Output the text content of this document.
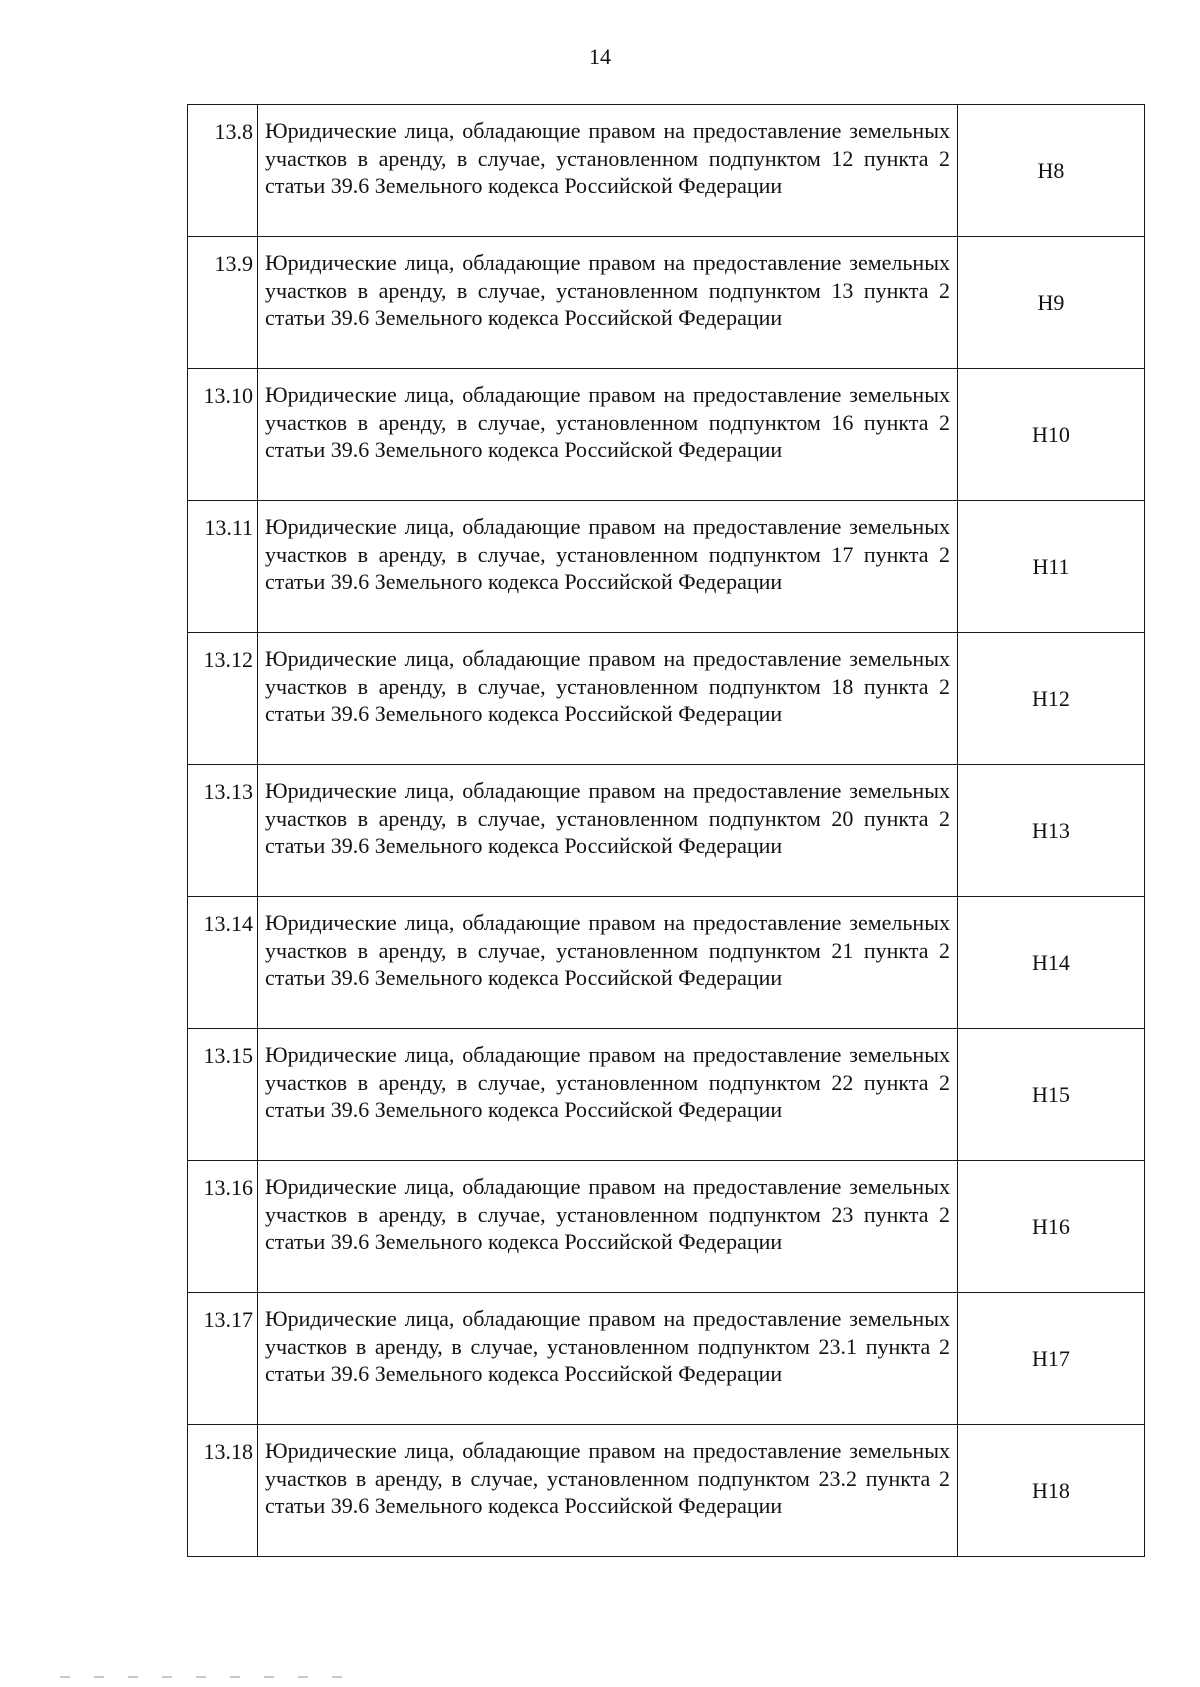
14
13.8	Юридические лица, обладающие правом на предоставление земельных участков в аренду, в случае, установленном подпунктом 12 пункта 2 статьи 39.6 Земельного кодекса Российской Федерации	Н8
13.9	Юридические лица, обладающие правом на предоставление земельных участков в аренду, в случае, установленном подпунктом 13 пункта 2 статьи 39.6 Земельного кодекса Российской Федерации	Н9
13.10	Юридические лица, обладающие правом на предоставление земельных участков в аренду, в случае, установленном подпунктом 16 пункта 2 статьи 39.6 Земельного кодекса Российской Федерации	Н10
13.11	Юридические лица, обладающие правом на предоставление земельных участков в аренду, в случае, установленном подпунктом 17 пункта 2 статьи 39.6 Земельного кодекса Российской Федерации	Н11
13.12	Юридические лица, обладающие правом на предоставление земельных участков в аренду, в случае, установленном подпунктом 18 пункта 2 статьи 39.6 Земельного кодекса Российской Федерации	Н12
13.13	Юридические лица, обладающие правом на предоставление земельных участков в аренду, в случае, установленном подпунктом 20 пункта 2 статьи 39.6 Земельного кодекса Российской Федерации	Н13
13.14	Юридические лица, обладающие правом на предоставление земельных участков в аренду, в случае, установленном подпунктом 21 пункта 2 статьи 39.6 Земельного кодекса Российской Федерации	Н14
13.15	Юридические лица, обладающие правом на предоставление земельных участков в аренду, в случае, установленном подпунктом 22 пункта 2 статьи 39.6 Земельного кодекса Российской Федерации	Н15
13.16	Юридические лица, обладающие правом на предоставление земельных участков в аренду, в случае, установленном подпунктом 23 пункта 2 статьи 39.6 Земельного кодекса Российской Федерации	Н16
13.17	Юридические лица, обладающие правом на предоставление земельных участков в аренду, в случае, установленном подпунктом 23.1 пункта 2 статьи 39.6 Земельного кодекса Российской Федерации	Н17
13.18	Юридические лица, обладающие правом на предоставление земельных участков в аренду, в случае, установленном подпунктом 23.2 пункта 2 статьи 39.6 Земельного кодекса Российской Федерации	Н18
